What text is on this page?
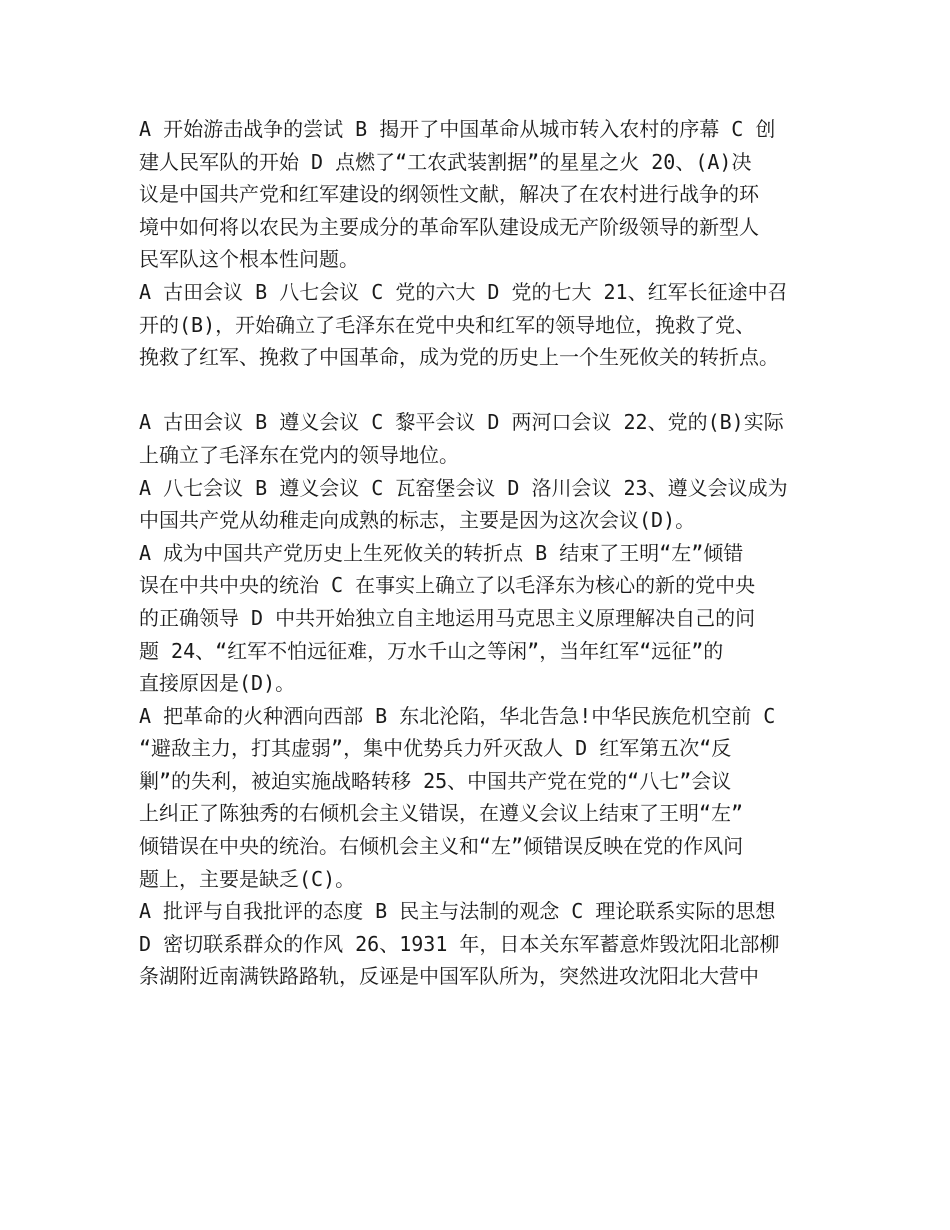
A 开始游击战争的尝试 B 揭开了中国革命从城市转入农村的序幕 C 创
建人民军队的开始 D 点燃了“工农武装割据”的星星之火 20、(A)决
议是中国共产党和红军建设的纲领性文献，解决了在农村进行战争的环
境中如何将以农民为主要成分的革命军队建设成无产阶级领导的新型人
民军队这个根本性问题。
A 古田会议 B 八七会议 C 党的六大 D 党的七大 21、红军长征途中召
开的(B)，开始确立了毛泽东在党中央和红军的领导地位，挽救了党、
挽救了红军、挽救了中国革命，成为党的历史上一个生死攸关的转折点。
A 古田会议 B 遵义会议 C 黎平会议 D 两河口会议 22、党的(B)实际
上确立了毛泽东在党内的领导地位。
A 八七会议 B 遵义会议 C 瓦窑堡会议 D 洛川会议 23、遵义会议成为
中国共产党从幼稚走向成熟的标志，主要是因为这次会议(D)。
A 成为中国共产党历史上生死攸关的转折点 B 结束了王明“左”倾错
误在中共中央的统治 C 在事实上确立了以毛泽东为核心的新的党中央
的正确领导 D 中共开始独立自主地运用马克思主义原理解决自己的问
题 24、“红军不怕远征难，万水千山之等闲”，当年红军“远征”的
直接原因是(D)。
A 把革命的火种洒向西部 B 东北沦陷，华北告急!中华民族危机空前 C
“避敌主力，打其虚弱”，集中优势兵力歼灭敌人 D 红军第五次“反
剿”的失利，被迫实施战略转移 25、中国共产党在党的“八七”会议
上纠正了陈独秀的右倾机会主义错误，在遵义会议上结束了王明“左”
倾错误在中央的统治。右倾机会主义和“左”倾错误反映在党的作风问
题上，主要是缺乏(C)。
A 批评与自我批评的态度 B 民主与法制的观念 C 理论联系实际的思想
D 密切联系群众的作风 26、1931 年，日本关东军蓄意炸毁沈阳北部柳
条湖附近南满铁路路轨，反诬是中国军队所为，突然进攻沈阳北大营中
